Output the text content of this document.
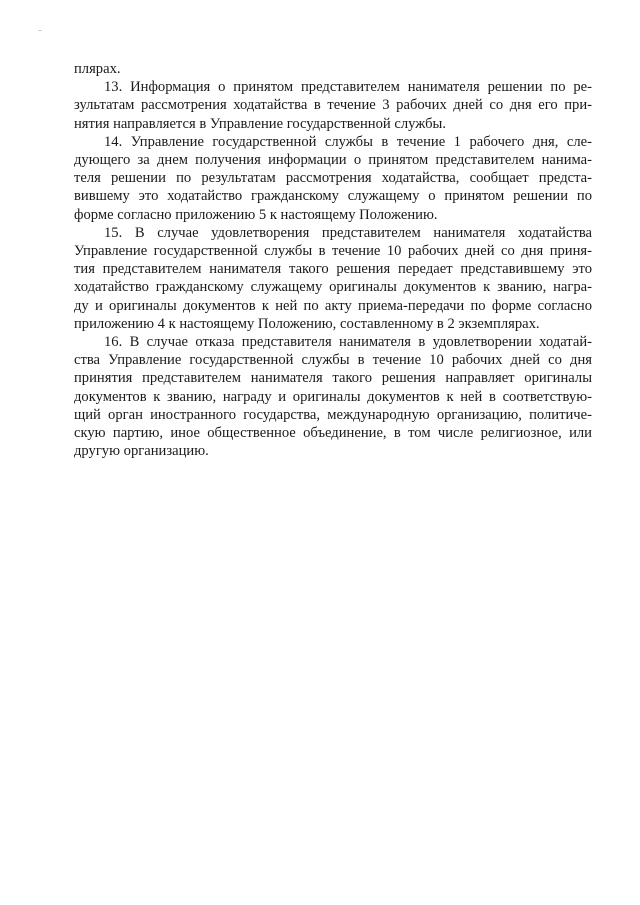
плярах.
13. Информация о принятом представителем нанимателя решении по ре-
зультатам рассмотрения ходатайства в течение 3 рабочих дней со дня его при-
нятия направляется в Управление государственной службы.
14. Управление государственной службы в течение 1 рабочего дня, сле-
дующего за днем получения информации о принятом представителем нанима-
теля решении по результатам рассмотрения ходатайства, сообщает предста-
вившему это ходатайство гражданскому служащему о принятом решении по
форме согласно приложению 5 к настоящему Положению.
15. В случае удовлетворения представителем нанимателя ходатайства
Управление государственной службы в течение 10 рабочих дней со дня приня-
тия представителем нанимателя такого решения передает представившему это
ходатайство гражданскому служащему оригиналы документов к званию, награ-
ду и оригиналы документов к ней по акту приема-передачи по форме согласно
приложению 4 к настоящему Положению, составленному в 2 экземплярах.
16. В случае отказа представителя нанимателя в удовлетворении ходатай-
ства Управление государственной службы в течение 10 рабочих дней со дня
принятия представителем нанимателя такого решения направляет оригиналы
документов к званию, награду и оригиналы документов к ней в соответствую-
щий орган иностранного государства, международную организацию, политиче-
скую партию, иное общественное объединение, в том числе религиозное, или
другую организацию.
